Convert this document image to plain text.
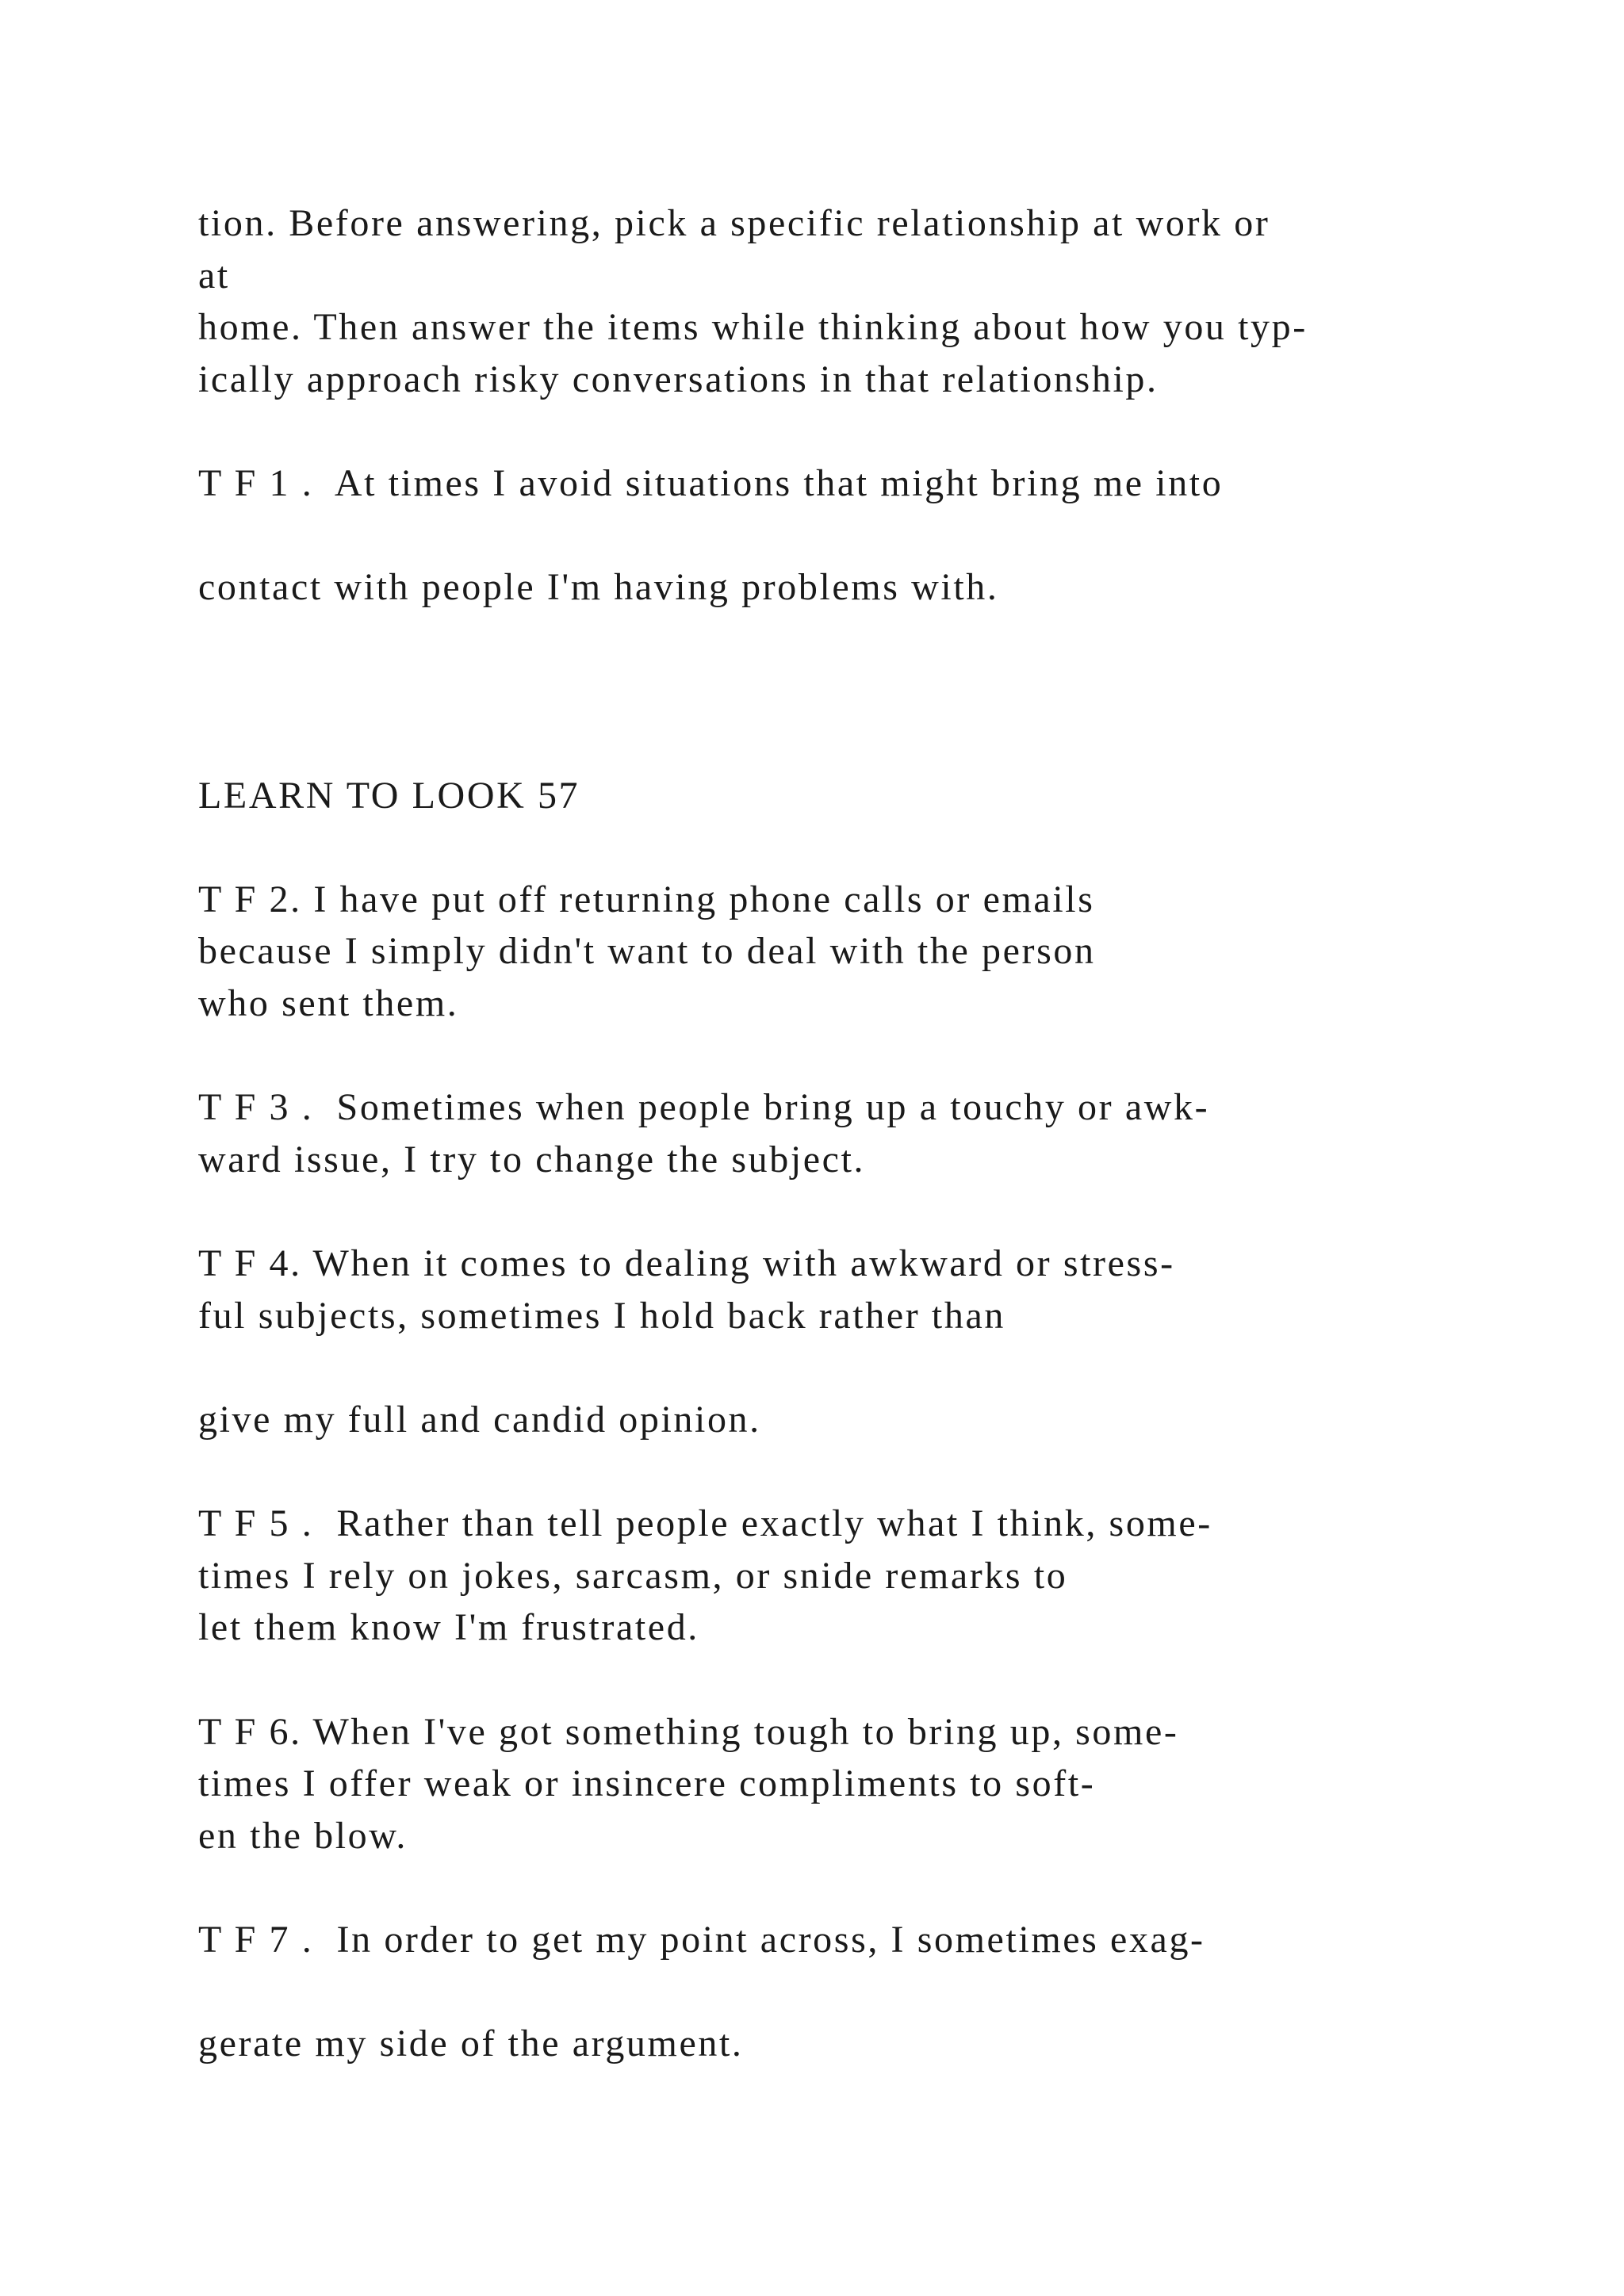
tion. Before answering, pick a specific relationship at work or
at
home. Then answer the items while thinking about how you typ-
ically approach risky conversations in that relationship.
T F 1 .  At times I avoid situations that might bring me into
contact with people I'm having problems with.
LEARN TO LOOK 57
T F 2. I have put off returning phone calls or emails
because I simply didn't want to deal with the person
who sent them.
T F 3 .  Sometimes when people bring up a touchy or awk-
ward issue, I try to change the subject.
T F 4. When it comes to dealing with awkward or stress-
ful subjects, sometimes I hold back rather than
give my full and candid opinion.
T F 5 .  Rather than tell people exactly what I think, some-
times I rely on jokes, sarcasm, or snide remarks to
let them know I'm frustrated.
T F 6. When I've got something tough to bring up, some-
times I offer weak or insincere compliments to soft-
en the blow.
T F 7 .  In order to get my point across, I sometimes exag-
gerate my side of the argument.
